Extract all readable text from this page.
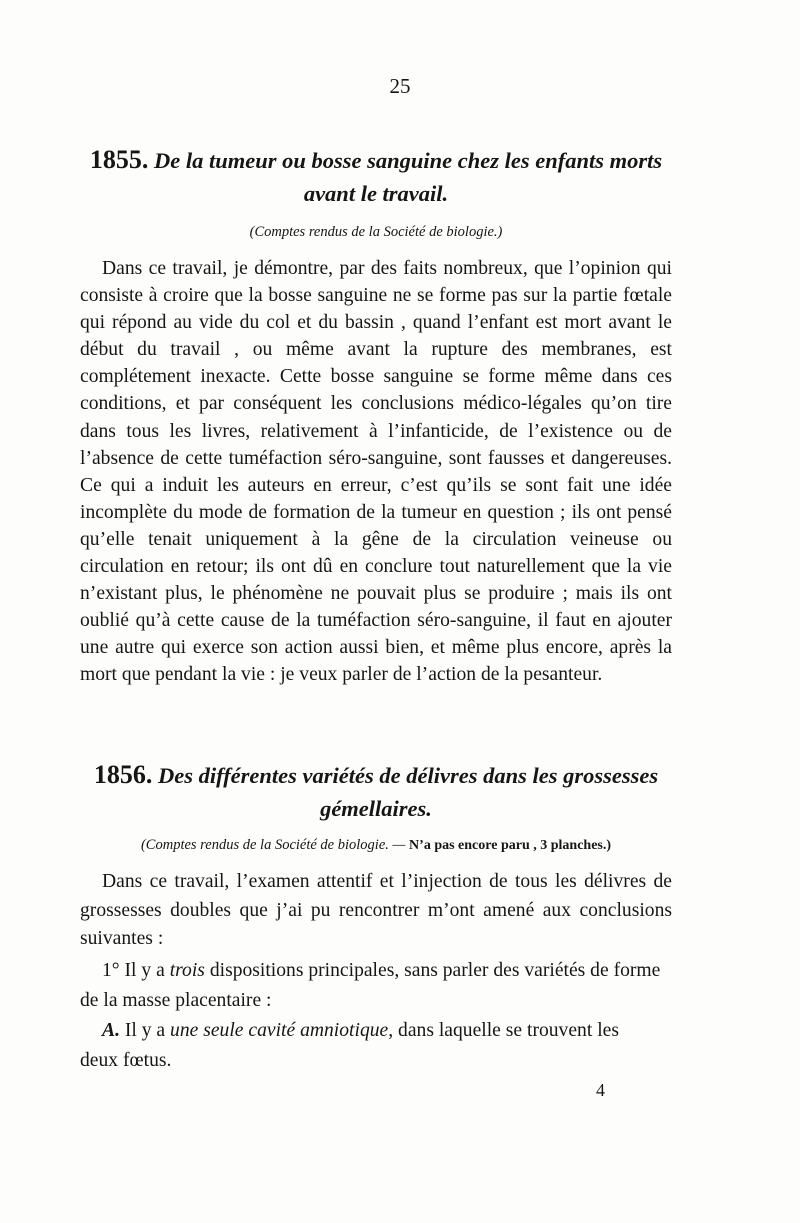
25

1855. De la tumeur ou bosse sanguine chez les enfants morts
avant le travail.

(Comptes rendus de la Société de biologie.)

Dans ce travail, je démontre, par des faits nombreux, que l’opinion qui consiste à croire que la bosse sanguine ne se forme pas sur la partie fœtale qui répond au vide du col et du bassin , quand l’enfant est mort avant le début du travail , ou même avant la rupture des membranes, est complétement inexacte. Cette bosse sanguine se forme même dans ces conditions, et par conséquent les conclusions médico-légales qu’on tire dans tous les livres, relativement à l’infanticide, de l’existence ou de l’absence de cette tuméfaction séro-sanguine, sont fausses et dangereuses. Ce qui a induit les auteurs en erreur, c’est qu’ils se sont fait une idée incomplète du mode de formation de la tumeur en question ; ils ont pensé qu’elle tenait uniquement à la gêne de la circulation veineuse ou circulation en retour; ils ont dû en conclure tout naturellement que la vie n’existant plus, le phénomène ne pouvait plus se produire ; mais ils ont oublié qu’à cette cause de la tuméfaction séro-sanguine, il faut en ajouter une autre qui exerce son action aussi bien, et même plus encore, après la mort que pendant la vie : je veux parler de l’action de la pesanteur.

1856. Des différentes variétés de délivres dans les grossesses
gémellaires.

(Comptes rendus de la Société de biologie. — N’a pas encore paru , 3 planches.)

Dans ce travail, l’examen attentif et l’injection de tous les délivres de grossesses doubles que j’ai pu rencontrer m’ont amené aux conclusions suivantes :

1° Il y a trois dispositions principales, sans parler des variétés de forme

de la masse placentaire :

A. Il y a une seule cavité amniotique, dans laquelle se trouvent les

deux fœtus.

4
